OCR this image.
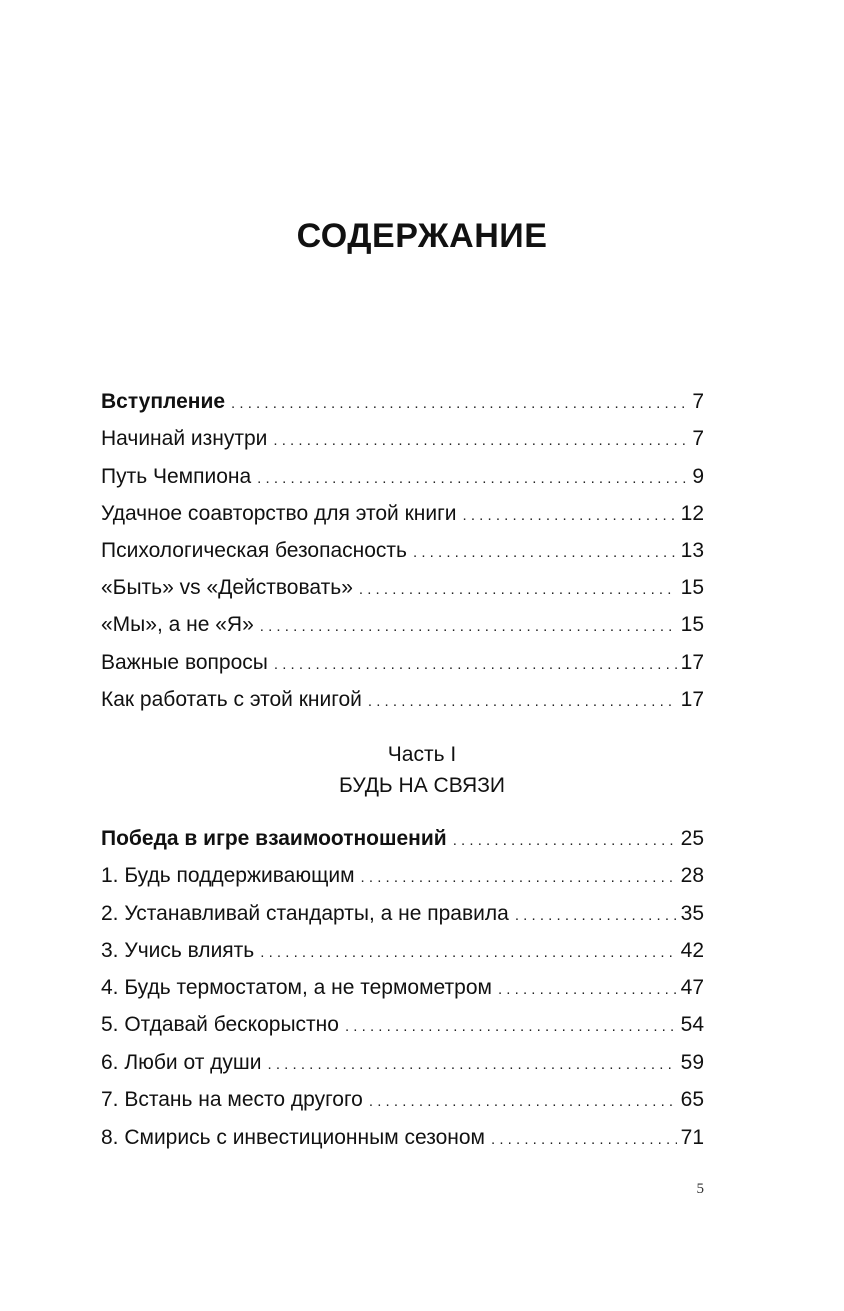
СОДЕРЖАНИЕ
Вступление . . .	7
Начинай изнутри . . .	7
Путь Чемпиона . . .	9
Удачное соавторство для этой книги . . .	12
Психологическая безопасность . . .	13
«Быть» vs «Действовать» . . .	15
«Мы», а не «Я» . . .	15
Важные вопросы . . .	17
Как работать с этой книгой . . .	17
Часть I
БУДЬ НА СВЯЗИ
Победа в игре взаимоотношений . . .	25
1. Будь поддерживающим . . .	28
2. Устанавливай стандарты, а не правила . . .	35
3. Учись влиять . . .	42
4. Будь термостатом, а не термометром . . .	47
5. Отдавай бескорыстно . . .	54
6. Люби от души . . .	59
7. Встань на место другого . . .	65
8. Смирись с инвестиционным сезоном . . .	71
5
